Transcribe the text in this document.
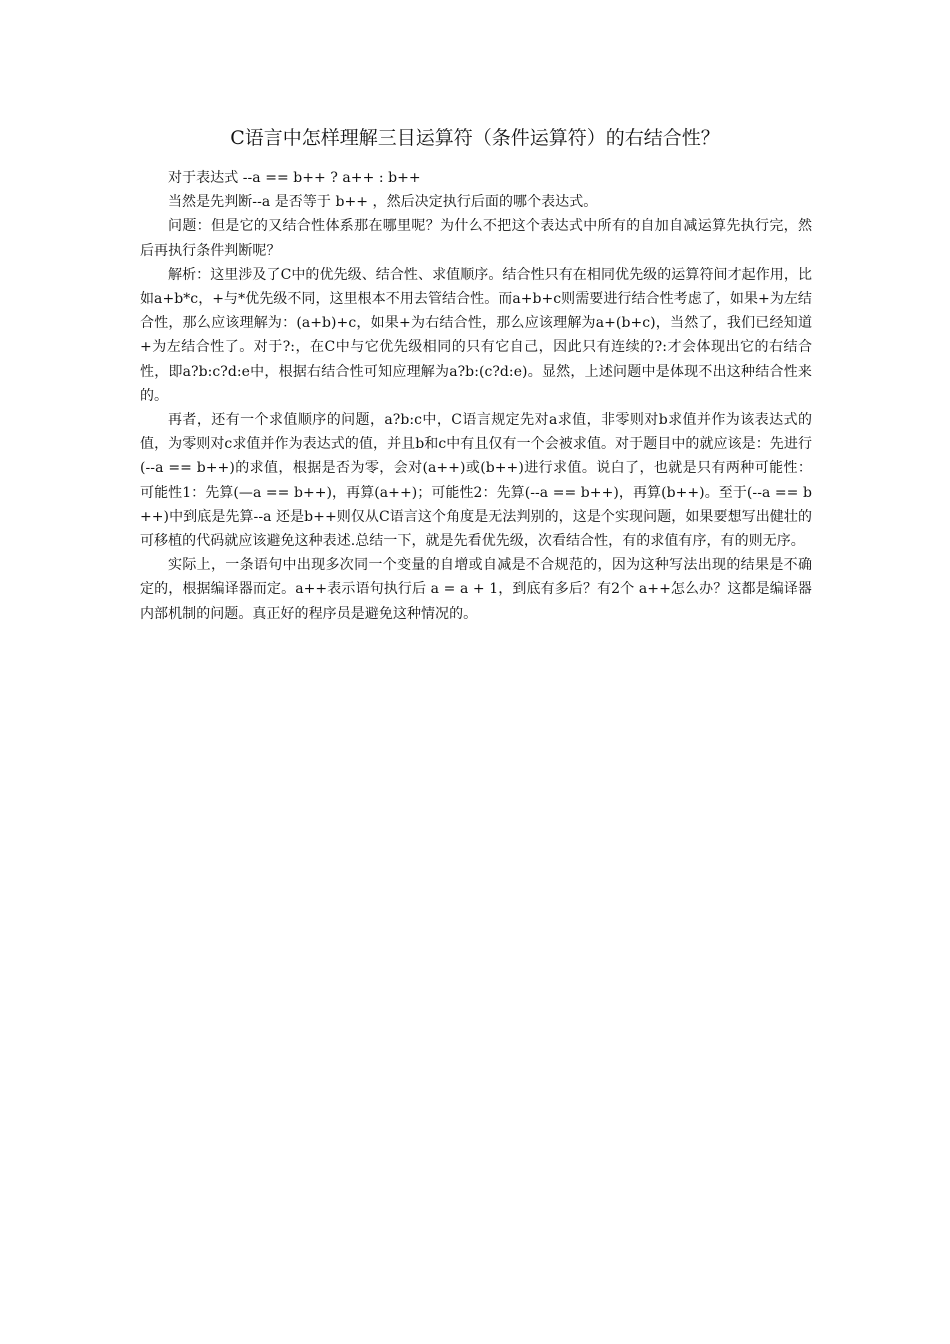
C语言中怎样理解三目运算符（条件运算符）的右结合性？

对于表达式 --a == b++ ? a++ : b++

当然是先判断--a 是否等于 b++ ，然后决定执行后面的哪个表达式。

问题：但是它的又结合性体系那在哪里呢？为什么不把这个表达式中所有的自加自减运算先执行完，然后再执行条件判断呢？

解析：这里涉及了C中的优先级、结合性、求值顺序。结合性只有在相同优先级的运算符间才起作用，比如a+b*c，+与*优先级不同，这里根本不用去管结合性。而a+b+c则需要进行结合性考虑了，如果+为左结合性，那么应该理解为：(a+b)+c，如果+为右结合性，那么应该理解为a+(b+c)，当然了，我们已经知道+为左结合性了。对于?:，在C中与它优先级相同的只有它自己，因此只有连续的?:才会体现出它的右结合性，即a?b:c?d:e中，根据右结合性可知应理解为a?b:(c?d:e)。显然，上述问题中是体现不出这种结合性来的。

再者，还有一个求值顺序的问题，a?b:c中，C语言规定先对a求值，非零则对b求值并作为该表达式的值，为零则对c求值并作为表达式的值，并且b和c中有且仅有一个会被求值。对于题目中的就应该是：先进行(--a == b++)的求值，根据是否为零，会对(a++)或(b++)进行求值。说白了，也就是只有两种可能性：可能性1：先算(—a == b++)，再算(a++)；可能性2：先算(--a == b++)，再算(b++)。至于(--a == b++)中到底是先算--a 还是b++则仅从C语言这个角度是无法判别的，这是个实现问题，如果要想写出健壮的可移植的代码就应该避免这种表述.总结一下，就是先看优先级，次看结合性，有的求值有序，有的则无序。

实际上，一条语句中出现多次同一个变量的自增或自减是不合规范的，因为这种写法出现的结果是不确定的，根据编译器而定。a++表示语句执行后 a = a + 1，到底有多后？有2个 a++怎么办？这都是编译器内部机制的问题。真正好的程序员是避免这种情况的。
